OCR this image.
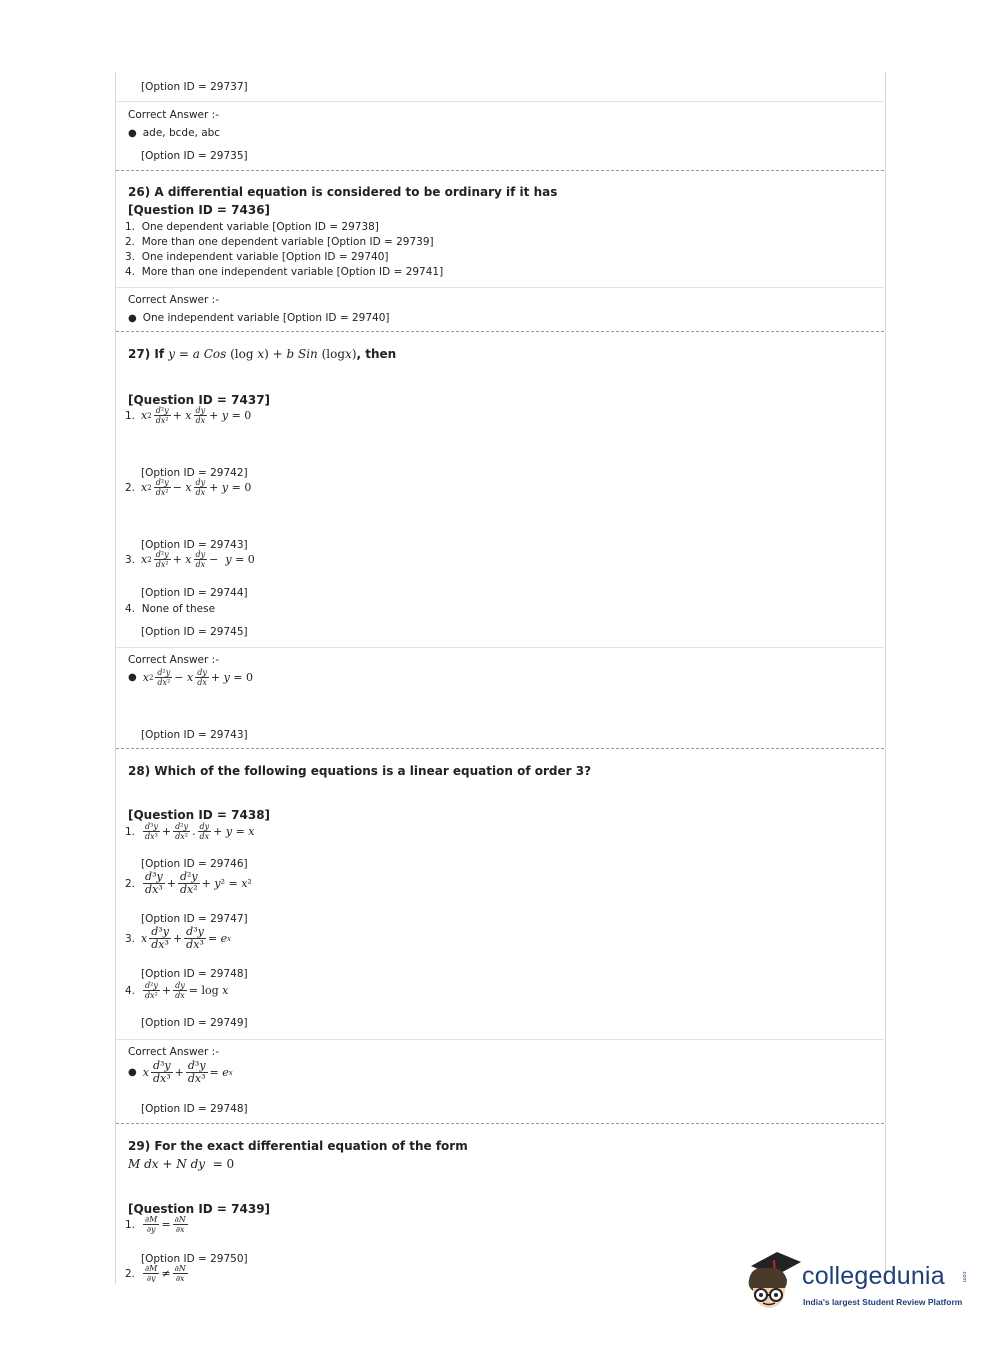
[Option ID = 29737]
Correct Answer :-
● ade, bcde, abc
[Option ID = 29735]
26) A differential equation is considered to be ordinary if it has
[Question ID = 7436]
1. One dependent variable [Option ID = 29738]
2. More than one dependent variable [Option ID = 29739]
3. One independent variable [Option ID = 29740]
4. More than one independent variable [Option ID = 29741]
Correct Answer :-
● One independent variable [Option ID = 29740]
27) If
y = a
Cos (log x ) + b
Sin (log x ) , then
[Question ID = 7437]
1. x $2 \frac{\text{d²y}}{\text{dx²}} + x \frac{dy}{dx} + y = 0$
[Option ID = 29742]
2. x $2 \frac{\text{d²y}}{\text{dx²}} - x \frac{dy}{dx} + y = 0$
[Option ID = 29743]
3. x $2 \frac{\text{d²y}}{\text{dx²}} + x \frac{dy}{dx} - y = 0$
[Option ID = 29744]
4. None of these
[Option ID = 29745]
Correct Answer :-
● x $2 \frac{\text{d²y}}{\text{dx²}} - x \frac{dy}{dx} + y = 0$
[Option ID = 29743]
28) Which of the following equations is a linear equation of order 3?
[Question ID = 7438]
1. $\frac{\text{d³y}}{\text{dx³}} + \frac{\text{d²y}}{\text{dx²}}$ . $\frac{dy}{dx} + y = x$
[Option ID = 29746]
2. $\frac{\text{d³y}}{\text{dx³}} + \frac{\text{d²y}}{\text{dx²}} + y$ ² = x ²
[Option ID = 29747]
3. x $\frac{\text{d³y}}{\text{dx³}} + \frac{\text{d³y}}{\text{dx³}} = e$ x
[Option ID = 29748]
4. $\frac{\text{d²y}}{\text{dx²}} + \frac{dy}{dx} = \log x$
[Option ID = 29749]
Correct Answer :-
● x $\frac{\text{d³y}}{\text{dx³}} + \frac{\text{d³y}}{\text{dx³}} = e$ x
[Option ID = 29748]
29) For the exact differential equation of the form
M
dx + N
dy = 0
[Question ID = 7439]
1. $\frac{\partial M}{\partial y} = \frac{\partial N}{\partial x}$
[Option ID = 29750]
2. $\frac{\partial M}{\partial y} \ne \frac{\partial N}{\partial x}$	collegedunia	.com
India's largest Student Review Platform
